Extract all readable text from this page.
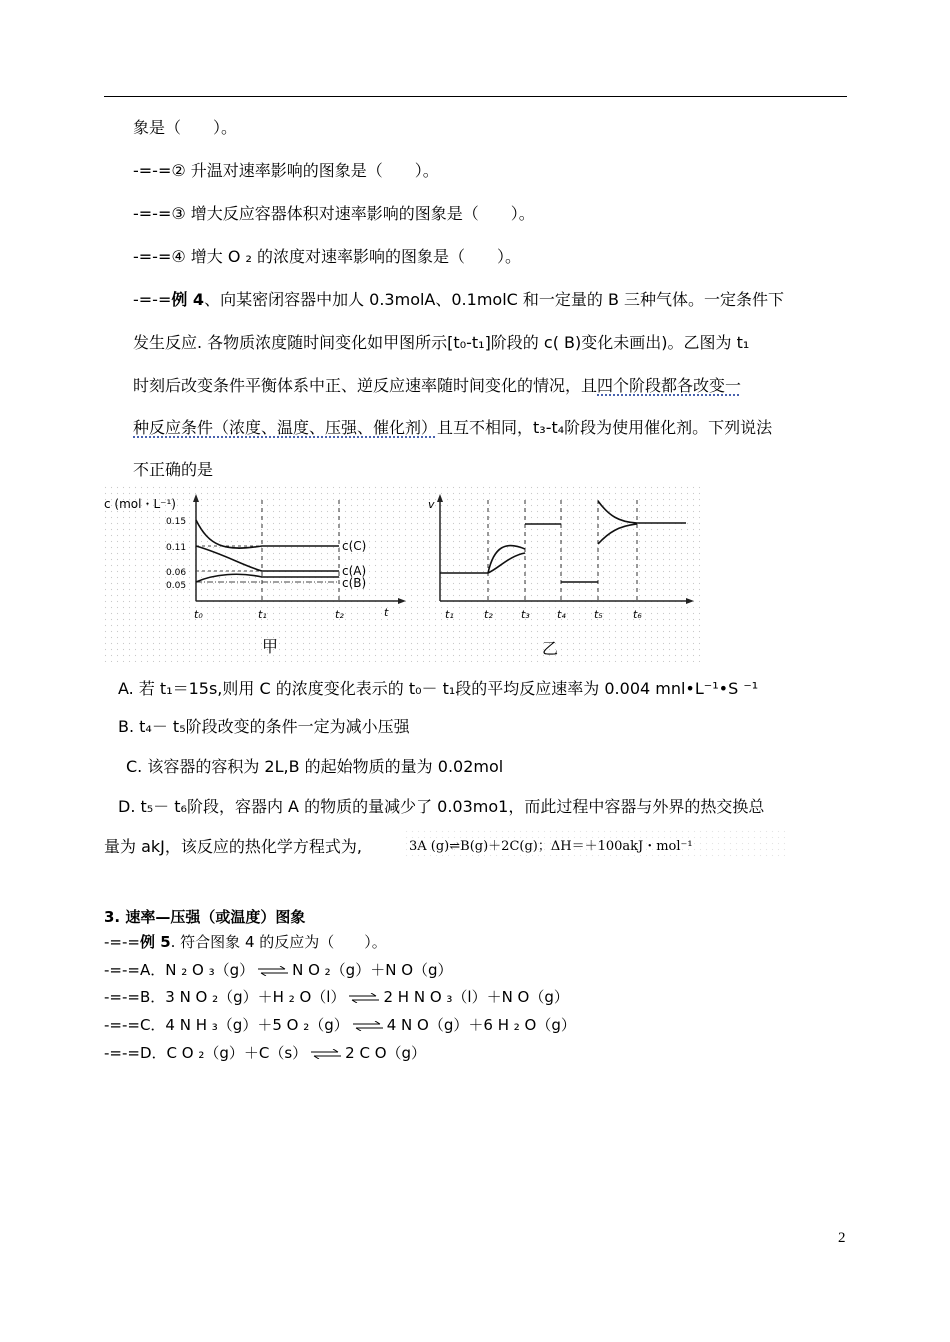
象是（　　）。
-=-=② 升温对速率影响的图象是（　　）。
-=-=③ 增大反应容器体积对速率影响的图象是（　　）。
-=-=④ 增大 O ₂ 的浓度对速率影响的图象是（　　）。
-=-=例 4、向某密闭容器中加人 0.3molA、0.1molC 和一定量的 B 三种气体。一定条件下
发生反应. 各物质浓度随时间变化如甲图所示[t₀-t₁]阶段的 c( B)变化未画出)。乙图为 t₁
时刻后改变条件平衡体系中正、逆反应速率随时间变化的情况，且四个阶段都各改变一
种反应条件（浓度、温度、压强、催化剂）且互不相同，t₃-t₄阶段为使用催化剂。下列说法
不正确的是
c (mol・L⁻¹)
0.15
0.11
0.06
0.05
c(C)
c(A)
c(B)
t₀	t₁	t₂	t
甲
v
t₁	t₂	t₃ t₄	t₅	t₆
乙
A. 若 t₁＝15s,则用 C 的浓度变化表示的 t₀－ t₁段的平均反应速率为 0.004 mnl•L⁻¹•S ⁻¹
B. t₄－ t₅阶段改变的条件一定为减小压强
C. 该容器的容积为 2L,B 的起始物质的量为 0.02mol
D. t₅－ t₆阶段，容器内 A 的物质的量减少了 0.03mo1，而此过程中容器与外界的热交换总
量为 akJ，该反应的热化学方程式为,	3A (g)⇌B(g)＋2C(g)；ΔH＝＋100akJ・mol⁻¹
3. 速率—压强（或温度）图象
-=-=例 5. 符合图象 4 的反应为（　　）。
-=-=A．N ₂ O ₃（g） ⇌ N O ₂（g）＋N O（g）
-=-=B．3 N O ₂（g）＋H ₂ O（l） ⇌ 2 H N O ₃（l）＋N O（g）
-=-=C．4 N H ₃（g）＋5 O ₂（g） ⇌ 4 N O（g）＋6 H ₂ O（g）
-=-=D．C O ₂（g）＋C（s） ⇌ 2 C O（g）
2
